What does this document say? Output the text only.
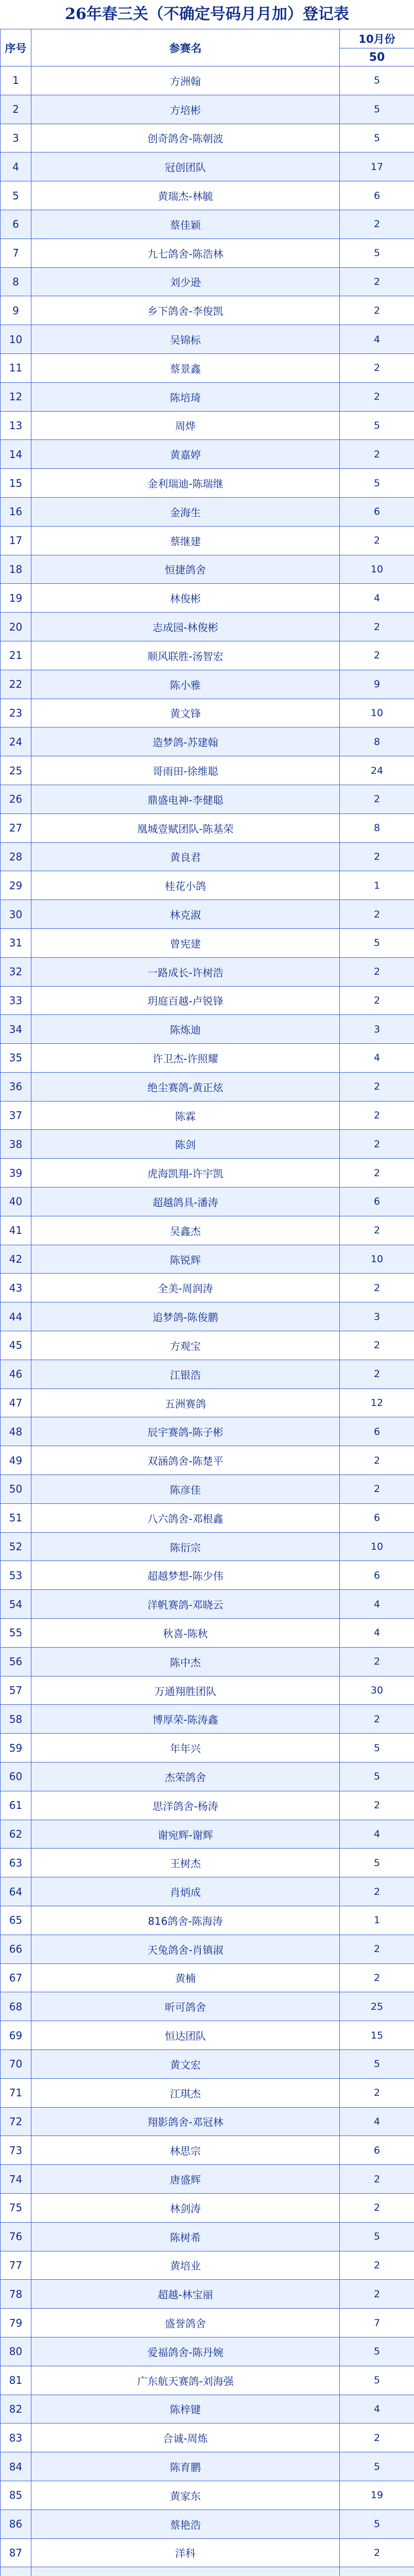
26年春三关（不确定号码月月加）登记表
序号	参赛名	10月份
		50
1	方洲翰	5
2	方培彬	5
3	创奇鸽舍-陈朝波	5
4	冠创团队	17
5	黄瑞杰-林毓	6
6	蔡佳颖	2
7	九七鸽舍-陈浩林	5
8	刘少逊	2
9	乡下鸽舍-李俊凯	2
10	吴锦标	4
11	蔡景鑫	2
12	陈培琦	2
13	周烨	5
14	黄嘉婷	2
15	金利瑞迪-陈瑞继	5
16	金海生	6
17	蔡继建	2
18	恒捷鸽舍	10
19	林俊彬	4
20	志成园-林俊彬	2
21	顺风联胜-汤智宏	2
22	陈小雅	9
23	黄文锋	10
24	造梦鸽-苏建翰	8
25	哥雨田-徐维聪	24
26	鼎盛电神-李健聪	2
27	凰城壹赋团队-陈基荣	8
28	黄良君	2
29	桂花小鸽	1
30	林克淑	2
31	曾宪建	5
32	一路成长-许树浩	2
33	玥庭百越-卢锐锋	2
34	陈炼迪	3
35	许卫杰-许照耀	4
36	绝尘赛鸽-黄正炫	2
37	陈霖	2
38	陈剑	2
39	虎海凯翔-许宇凯	2
40	超越鸽具-潘涛	6
41	吴鑫杰	2
42	陈锐辉	10
43	全美-周润涛	2
44	追梦鸽-陈俊鹏	3
45	方观宝	2
46	江银浩	2
47	五洲赛鸽	12
48	辰宇赛鸽-陈子彬	6
49	双涵鸽舍-陈楚平	2
50	陈彦佳	2
51	八六鸽舍-邓根鑫	6
52	陈衍宗	10
53	超越梦想-陈少伟	6
54	洋帆赛鸽-邓晓云	4
55	秋喜-陈秋	4
56	陈中杰	2
57	万通翔胜团队	30
58	博厚荣-陈涛鑫	2
59	年年兴	5
60	杰荣鸽舍	5
61	思洋鸽舍-杨涛	2
62	谢宛辉-谢辉	4
63	王树杰	5
64	肖炳成	2
65	816鸽舍-陈海涛	1
66	天兔鸽舍-肖镇淑	2
67	黄楠	2
68	昕可鸽舍	25
69	恒达团队	15
70	黄文宏	5
71	江琪杰	2
72	翔影鸽舍-邓冠林	4
73	林思宗	6
74	唐盛辉	2
75	林剑涛	2
76	陈树希	5
77	黄培业	2
78	超越-林宝丽	2
79	盛誉鸽舍	7
80	爱福鸽舍-陈丹婉	5
81	广东航天赛鸽-刘海强	5
82	陈梓键	4
83	合诚-周炼	2
84	陈育鹏	5
85	黄家东	19
86	蔡艳浩	5
87	洋科	2
